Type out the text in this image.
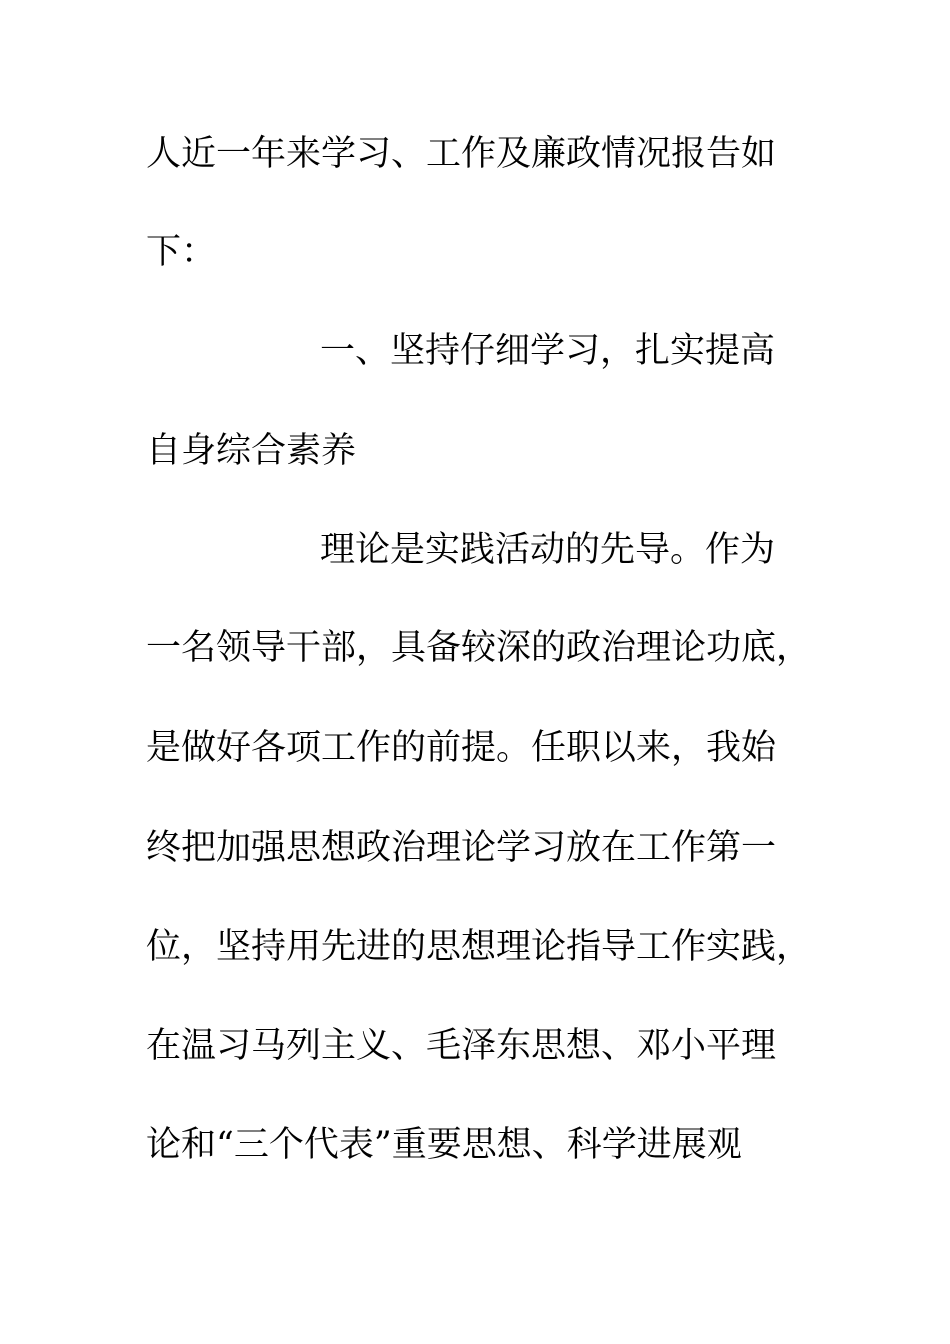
人近一年来学习、工作及廉政情况报告如
下：
一、坚持仔细学习，扎实提高
自身综合素养
理论是实践活动的先导。作为
一名领导干部，具备较深的政治理论功底，
是做好各项工作的前提。任职以来，我始
终把加强思想政治理论学习放在工作第一
位，坚持用先进的思想理论指导工作实践，
在温习马列主义、毛泽东思想、邓小平理
论和“三个代表”重要思想、科学进展观
